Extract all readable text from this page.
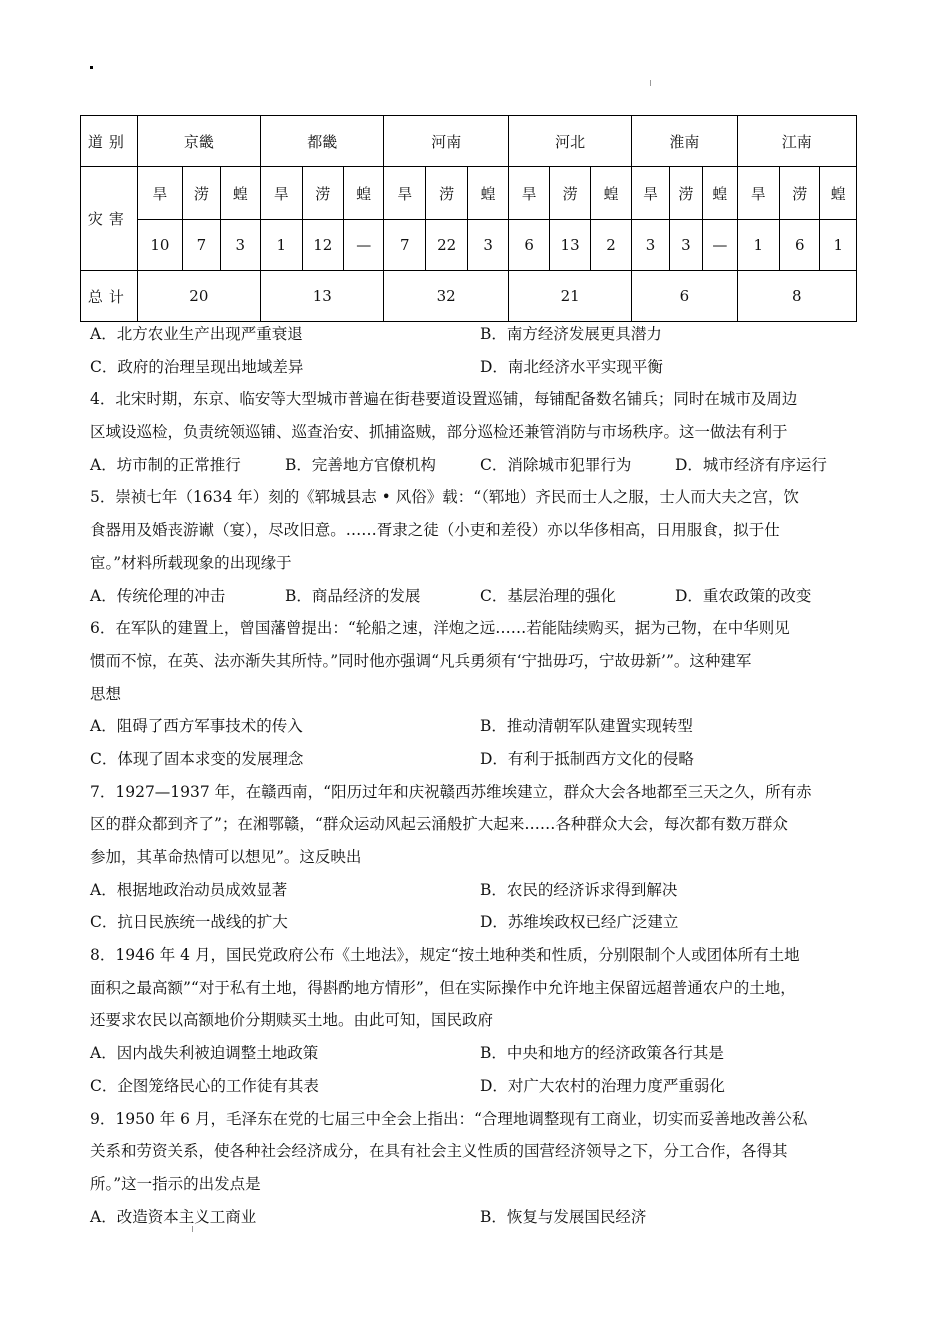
道别	京畿			都畿			河南			河北			淮南			江南		
灾害	旱	涝	蝗	旱	涝	蝗	旱	涝	蝗	旱	涝	蝗	旱	涝	蝗	旱	涝	蝗
	10	7	3	1	12	—	7	22	3	6	13	2	3	3	—	1	6	1
总计	20			13			32			21			6			8		
A．北方农业生产出现严重衰退	B．南方经济发展更具潜力
C．政府的治理呈现出地域差异	D．南北经济水平实现平衡
4．北宋时期，东京、临安等大型城市普遍在街巷要道设置巡铺，每铺配备数名铺兵；同时在城市及周边
区域设巡检，负责统领巡铺、巡查治安、抓捕盗贼，部分巡检还兼管消防与市场秩序。这一做法有利于
A．坊市制的正常推行	B．完善地方官僚机构	C．消除城市犯罪行为	D．城市经济有序运行
5．崇祯七年（1634 年）刻的《郓城县志 • 风俗》载：“（郓地）齐民而士人之服，士人而大夫之宫，饮
食器用及婚丧游谳（宴），尽改旧意。……胥隶之徒（小吏和差役）亦以华侈相高，日用服食，拟于仕
宦。”材料所载现象的出现缘于
A．传统伦理的冲击	B．商品经济的发展	C．基层治理的强化	D．重农政策的改变
6．在军队的建置上，曾国藩曾提出：“轮船之速，洋炮之远……若能陆续购买，据为己物，在中华则见
惯而不惊，在英、法亦渐失其所恃。”同时他亦强调“凡兵勇须有‘宁拙毋巧，宁故毋新’”。这种建军
思想
A．阻碍了西方军事技术的传入	B．推动清朝军队建置实现转型
C．体现了固本求变的发展理念	D．有利于抵制西方文化的侵略
7．1927—1937 年，在赣西南，“阳历过年和庆祝赣西苏维埃建立，群众大会各地都至三天之久，所有赤
区的群众都到齐了”；在湘鄂赣，“群众运动风起云涌般扩大起来……各种群众大会，每次都有数万群众
参加，其革命热情可以想见”。这反映出
A．根据地政治动员成效显著	B．农民的经济诉求得到解决
C．抗日民族统一战线的扩大	D．苏维埃政权已经广泛建立
8．1946 年 4 月，国民党政府公布《土地法》，规定“按土地种类和性质，分别限制个人或团体所有土地
面积之最高额”“对于私有土地，得斟酌地方情形”，但在实际操作中允许地主保留远超普通农户的土地，
还要求农民以高额地价分期赎买土地。由此可知，国民政府
A．因内战失利被迫调整土地政策	B．中央和地方的经济政策各行其是
C．企图笼络民心的工作徒有其表	D．对广大农村的治理力度严重弱化
9．1950 年 6 月，毛泽东在党的七届三中全会上指出：“合理地调整现有工商业，切实而妥善地改善公私
关系和劳资关系，使各种社会经济成分，在具有社会主义性质的国营经济领导之下，分工合作，各得其
所。”这一指示的出发点是
A．改造资本主义工商业	B．恢复与发展国民经济
